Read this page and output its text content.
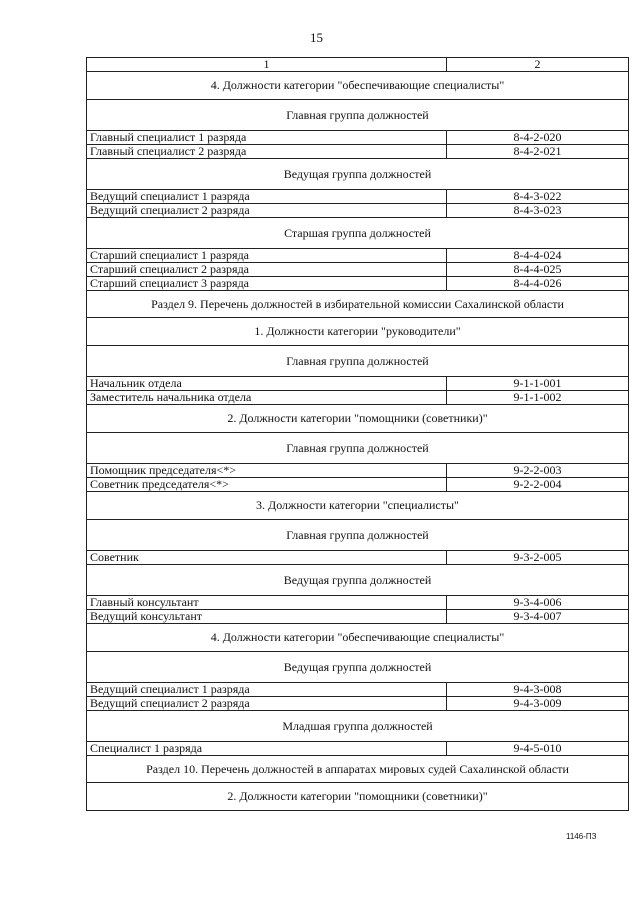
15
1	2
4. Должности категории "обеспечивающие специалисты"	
Главная группа должностей	
Главный специалист 1 разряда	8-4-2-020
Главный специалист 2 разряда	8-4-2-021
Ведущая группа должностей	
Ведущий специалист 1 разряда	8-4-3-022
Ведущий специалист 2 разряда	8-4-3-023
Старшая группа должностей	
Старший специалист 1 разряда	8-4-4-024
Старший специалист 2 разряда	8-4-4-025
Старший специалист 3 разряда	8-4-4-026
Раздел 9. Перечень должностей в избирательной комиссии Сахалинской области	
1. Должности категории "руководители"	
Главная группа должностей	
Начальник отдела	9-1-1-001
Заместитель начальника отдела	9-1-1-002
2. Должности категории "помощники (советники)"	
Главная группа должностей	
Помощник председателя<*>	9-2-2-003
Советник председателя<*>	9-2-2-004
3. Должности категории "специалисты"	
Главная группа должностей	
Советник	9-3-2-005
Ведущая группа должностей	
Главный консультант	9-3-4-006
Ведущий консультант	9-3-4-007
4. Должности категории "обеспечивающие специалисты"	
Ведущая группа должностей	
Ведущий специалист 1 разряда	9-4-3-008
Ведущий специалист 2 разряда	9-4-3-009
Младшая группа должностей	
Специалист 1 разряда	9-4-5-010
Раздел 10. Перечень должностей в аппаратах мировых судей Сахалинской области	
2. Должности категории "помощники (советники)"	
1146-ПЗ
